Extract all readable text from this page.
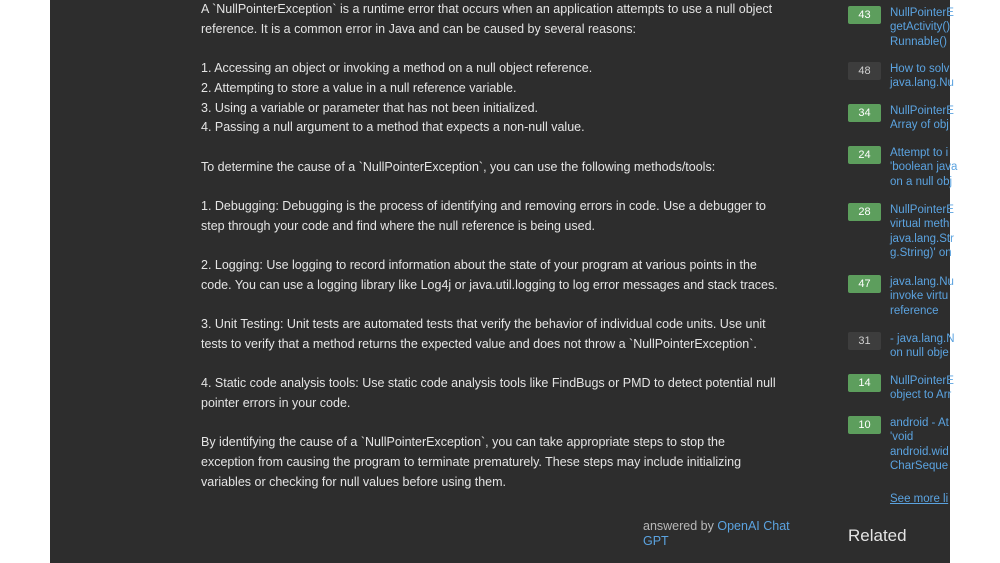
A `NullPointerException` is a runtime error that occurs when an application attempts to use a null object
reference. It is a common error in Java and can be caused by several reasons:

1. Accessing an object or invoking a method on a null object reference.
2. Attempting to store a value in a null reference variable.
3. Using a variable or parameter that has not been initialized.
4. Passing a null argument to a method that expects a non-null value.

To determine the cause of a `NullPointerException`, you can use the following methods/tools:

1. Debugging: Debugging is the process of identifying and removing errors in code. Use a debugger to
step through your code and find where the null reference is being used.

2. Logging: Use logging to record information about the state of your program at various points in the
code. You can use a logging library like Log4j or java.util.logging to log error messages and stack traces.

3. Unit Testing: Unit tests are automated tests that verify the behavior of individual code units. Use unit
tests to verify that a method returns the expected value and does not throw a `NullPointerException`.

4. Static code analysis tools: Use static code analysis tools like FindBugs or PMD to detect potential null
pointer errors in your code.

By identifying the cause of a `NullPointerException`, you can take appropriate steps to stop the
exception from causing the program to terminate prematurely. These steps may include initializing
variables or checking for null values before using them.

answered by OpenAI Chat GPT
43	NullPointerE
getActivity()
Runnable()
48	How to solv
java.lang.Nu
34	NullPointerE
Array of obj
24	Attempt to i
'boolean java
on a null obj
28	NullPointerE
virtual meth
java.lang.Str
g.String)' on
47	java.lang.Nu
invoke virtu
reference
31	- java.lang.N
on null obje
14	NullPointerE
object to Arr
10	android - At
'void
android.wid
CharSeque
See more li
Related
